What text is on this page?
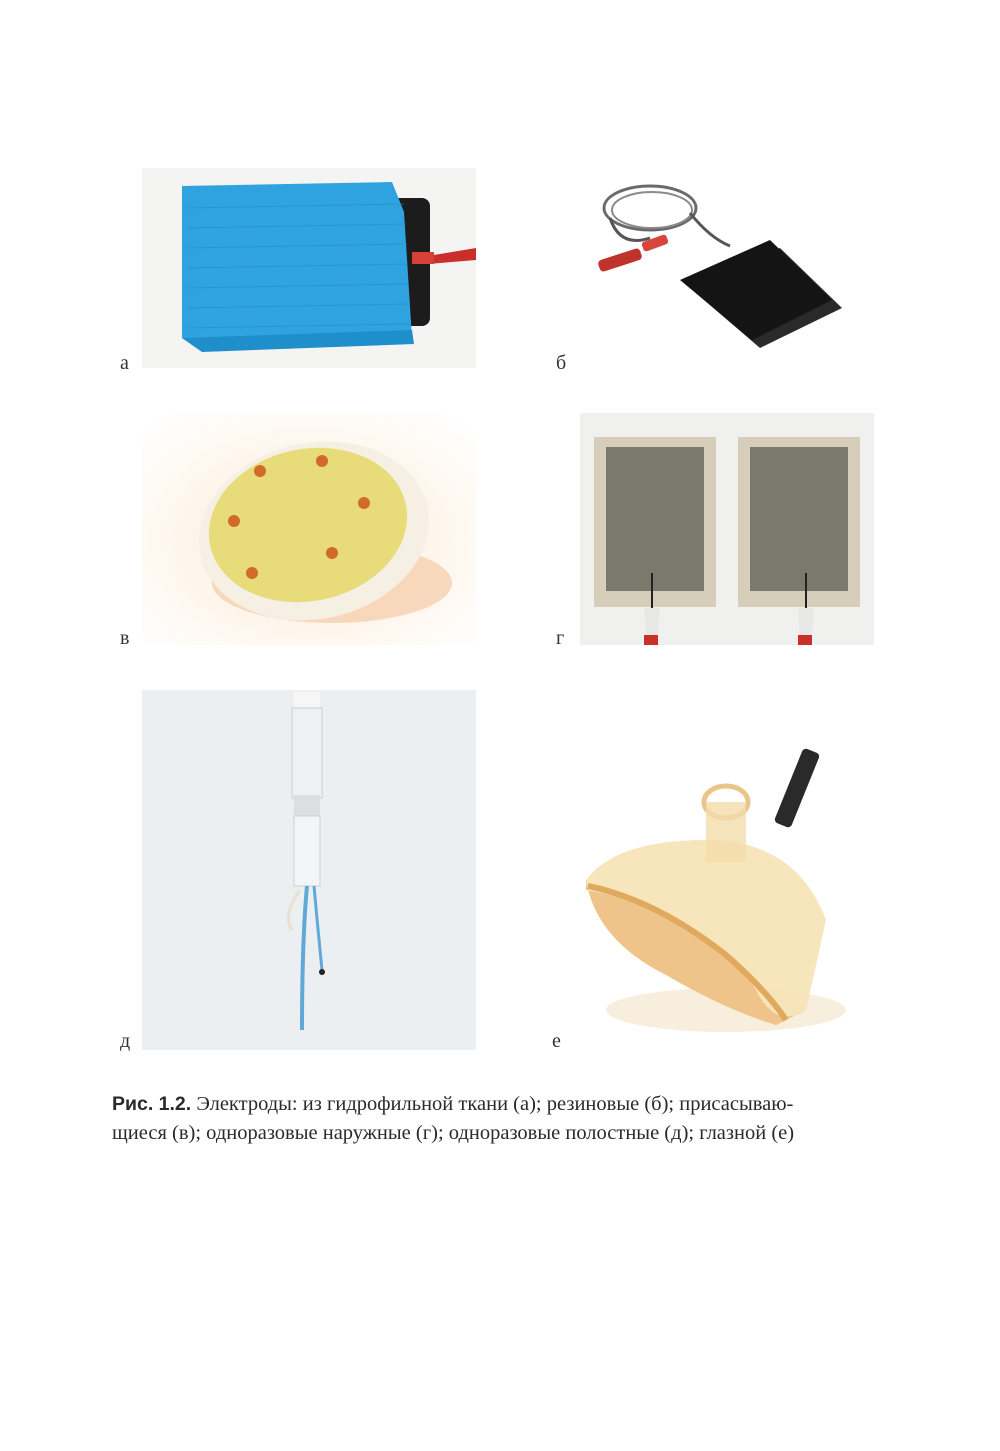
а	б
в	г
д	е
Рис. 1.2. Электроды: из гидрофильной ткани (а); резиновые (б); присасываю-
щиеся (в); одноразовые наружные (г); одноразовые полостные (д); глазной (е)
